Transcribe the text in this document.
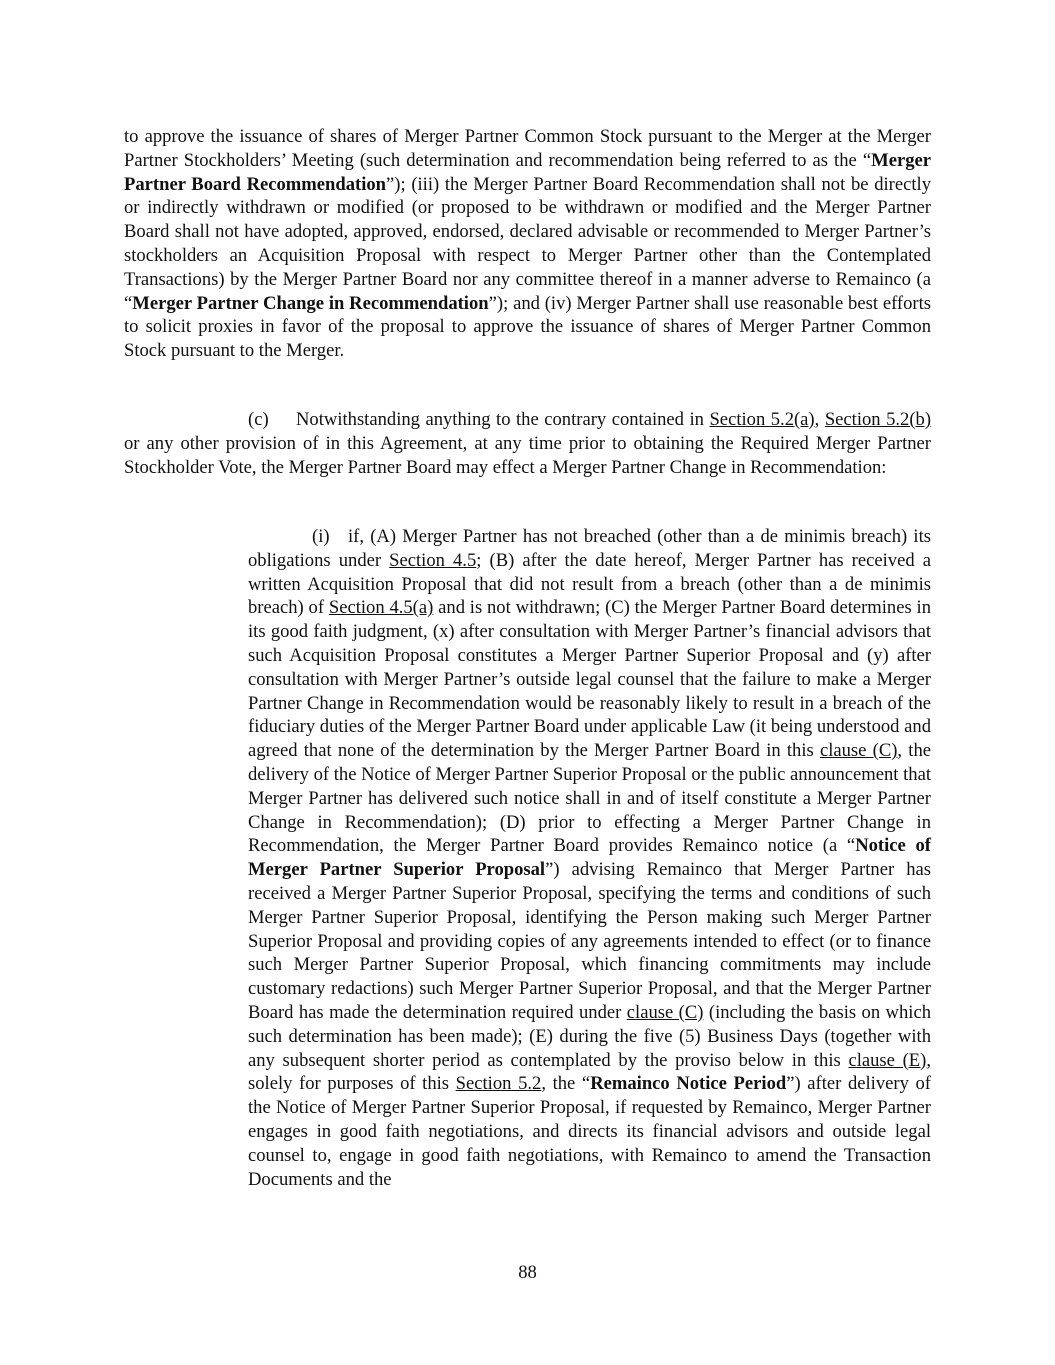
to approve the issuance of shares of Merger Partner Common Stock pursuant to the Merger at the Merger Partner Stockholders’ Meeting (such determination and recommendation being referred to as the “Merger Partner Board Recommendation”); (iii) the Merger Partner Board Recommendation shall not be directly or indirectly withdrawn or modified (or proposed to be withdrawn or modified and the Merger Partner Board shall not have adopted, approved, endorsed, declared advisable or recommended to Merger Partner’s stockholders an Acquisition Proposal with respect to Merger Partner other than the Contemplated Transactions) by the Merger Partner Board nor any committee thereof in a manner adverse to Remainco (a “Merger Partner Change in Recommendation”); and (iv) Merger Partner shall use reasonable best efforts to solicit proxies in favor of the proposal to approve the issuance of shares of Merger Partner Common Stock pursuant to the Merger.

(c) Notwithstanding anything to the contrary contained in Section 5.2(a), Section 5.2(b) or any other provision of in this Agreement, at any time prior to obtaining the Required Merger Partner Stockholder Vote, the Merger Partner Board may effect a Merger Partner Change in Recommendation:

(i) if, (A) Merger Partner has not breached (other than a de minimis breach) its obligations under Section 4.5; (B) after the date hereof, Merger Partner has received a written Acquisition Proposal that did not result from a breach (other than a de minimis breach) of Section 4.5(a) and is not withdrawn; (C) the Merger Partner Board determines in its good faith judgment, (x) after consultation with Merger Partner’s financial advisors that such Acquisition Proposal constitutes a Merger Partner Superior Proposal and (y) after consultation with Merger Partner’s outside legal counsel that the failure to make a Merger Partner Change in Recommendation would be reasonably likely to result in a breach of the fiduciary duties of the Merger Partner Board under applicable Law (it being understood and agreed that none of the determination by the Merger Partner Board in this clause (C), the delivery of the Notice of Merger Partner Superior Proposal or the public announcement that Merger Partner has delivered such notice shall in and of itself constitute a Merger Partner Change in Recommendation); (D) prior to effecting a Merger Partner Change in Recommendation, the Merger Partner Board provides Remainco notice (a “Notice of Merger Partner Superior Proposal”) advising Remainco that Merger Partner has received a Merger Partner Superior Proposal, specifying the terms and conditions of such Merger Partner Superior Proposal, identifying the Person making such Merger Partner Superior Proposal and providing copies of any agreements intended to effect (or to finance such Merger Partner Superior Proposal, which financing commitments may include customary redactions) such Merger Partner Superior Proposal, and that the Merger Partner Board has made the determination required under clause (C) (including the basis on which such determination has been made); (E) during the five (5) Business Days (together with any subsequent shorter period as contemplated by the proviso below in this clause (E), solely for purposes of this Section 5.2, the “Remainco Notice Period”) after delivery of the Notice of Merger Partner Superior Proposal, if requested by Remainco, Merger Partner engages in good faith negotiations, and directs its financial advisors and outside legal counsel to, engage in good faith negotiations, with Remainco to amend the Transaction Documents and the

88
